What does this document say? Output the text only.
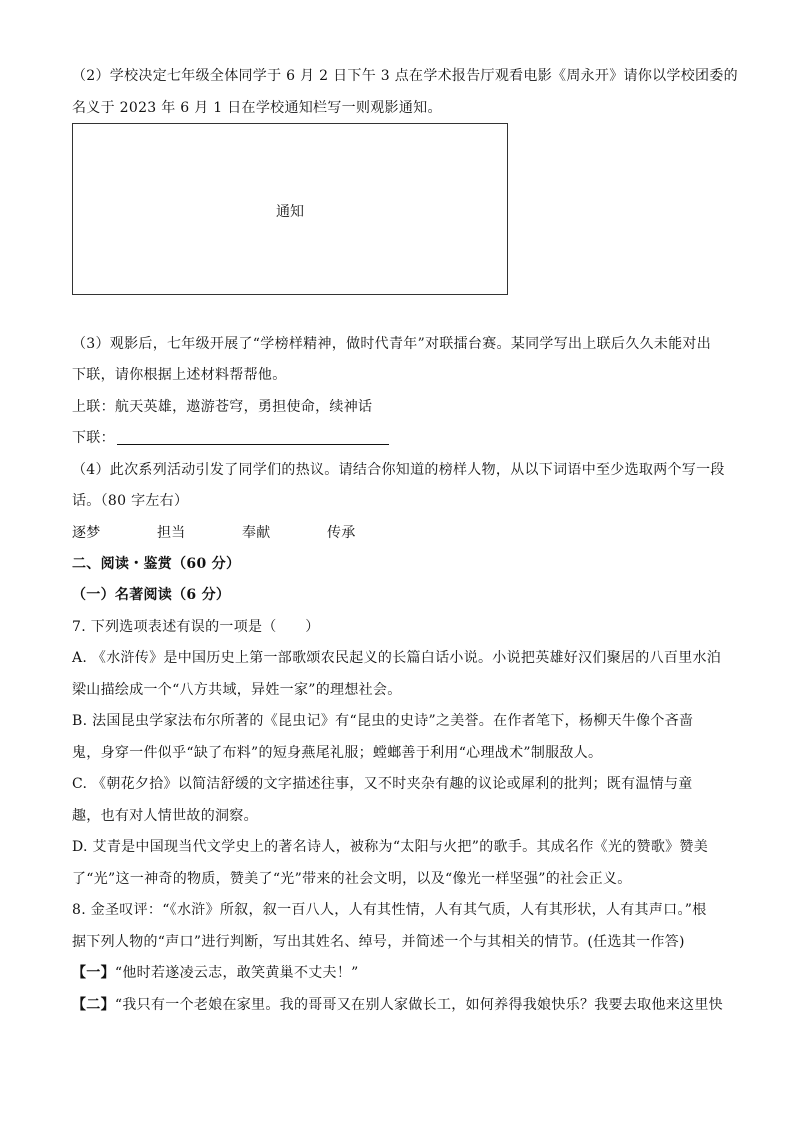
（2）学校决定七年级全体同学于 6 月 2 日下午 3 点在学术报告厅观看电影《周永开》请你以学校团委的
名义于 2023 年 6 月 1 日在学校通知栏写一则观影通知。
通知
（3）观影后，七年级开展了“学榜样精神，做时代青年”对联擂台赛。某同学写出上联后久久未能对出
下联，请你根据上述材料帮帮他。
上联：航天英雄，遨游苍穹，勇担使命，续神话
下联：
（4）此次系列活动引发了同学们的热议。请结合你知道的榜样人物，从以下词语中至少选取两个写一段
话。（80 字左右）
逐梦	担当	奉献	传承
二、阅读・鉴赏（60 分）
（一）名著阅读（6 分）
7. 下列选项表述有误的一项是（　　）
A. 《水浒传》是中国历史上第一部歌颂农民起义的长篇白话小说。小说把英雄好汉们聚居的八百里水泊
梁山描绘成一个“八方共域，异姓一家”的理想社会。
B. 法国昆虫学家法布尔所著的《昆虫记》有“昆虫的史诗”之美誉。在作者笔下，杨柳天牛像个吝啬
鬼，身穿一件似乎“缺了布料”的短身燕尾礼服；螳螂善于利用“心理战术”制服敌人。
C. 《朝花夕拾》以简洁舒缓的文字描述往事，又不时夹杂有趣的议论或犀利的批判；既有温情与童
趣，也有对人情世故的洞察。
D. 艾青是中国现当代文学史上的著名诗人，被称为“太阳与火把”的歌手。其成名作《光的赞歌》赞美
了“光”这一神奇的物质，赞美了“光”带来的社会文明，以及“像光一样坚强”的社会正义。
8. 金圣叹评：“《水浒》所叙，叙一百八人，人有其性情，人有其气质，人有其形状，人有其声口。”根
据下列人物的“声口”进行判断，写出其姓名、绰号，并简述一个与其相关的情节。(任选其一作答)
【一】“他时若遂凌云志，敢笑黄巢不丈夫！”
【二】“我只有一个老娘在家里。我的哥哥又在别人家做长工，如何养得我娘快乐？我要去取他来这里快
